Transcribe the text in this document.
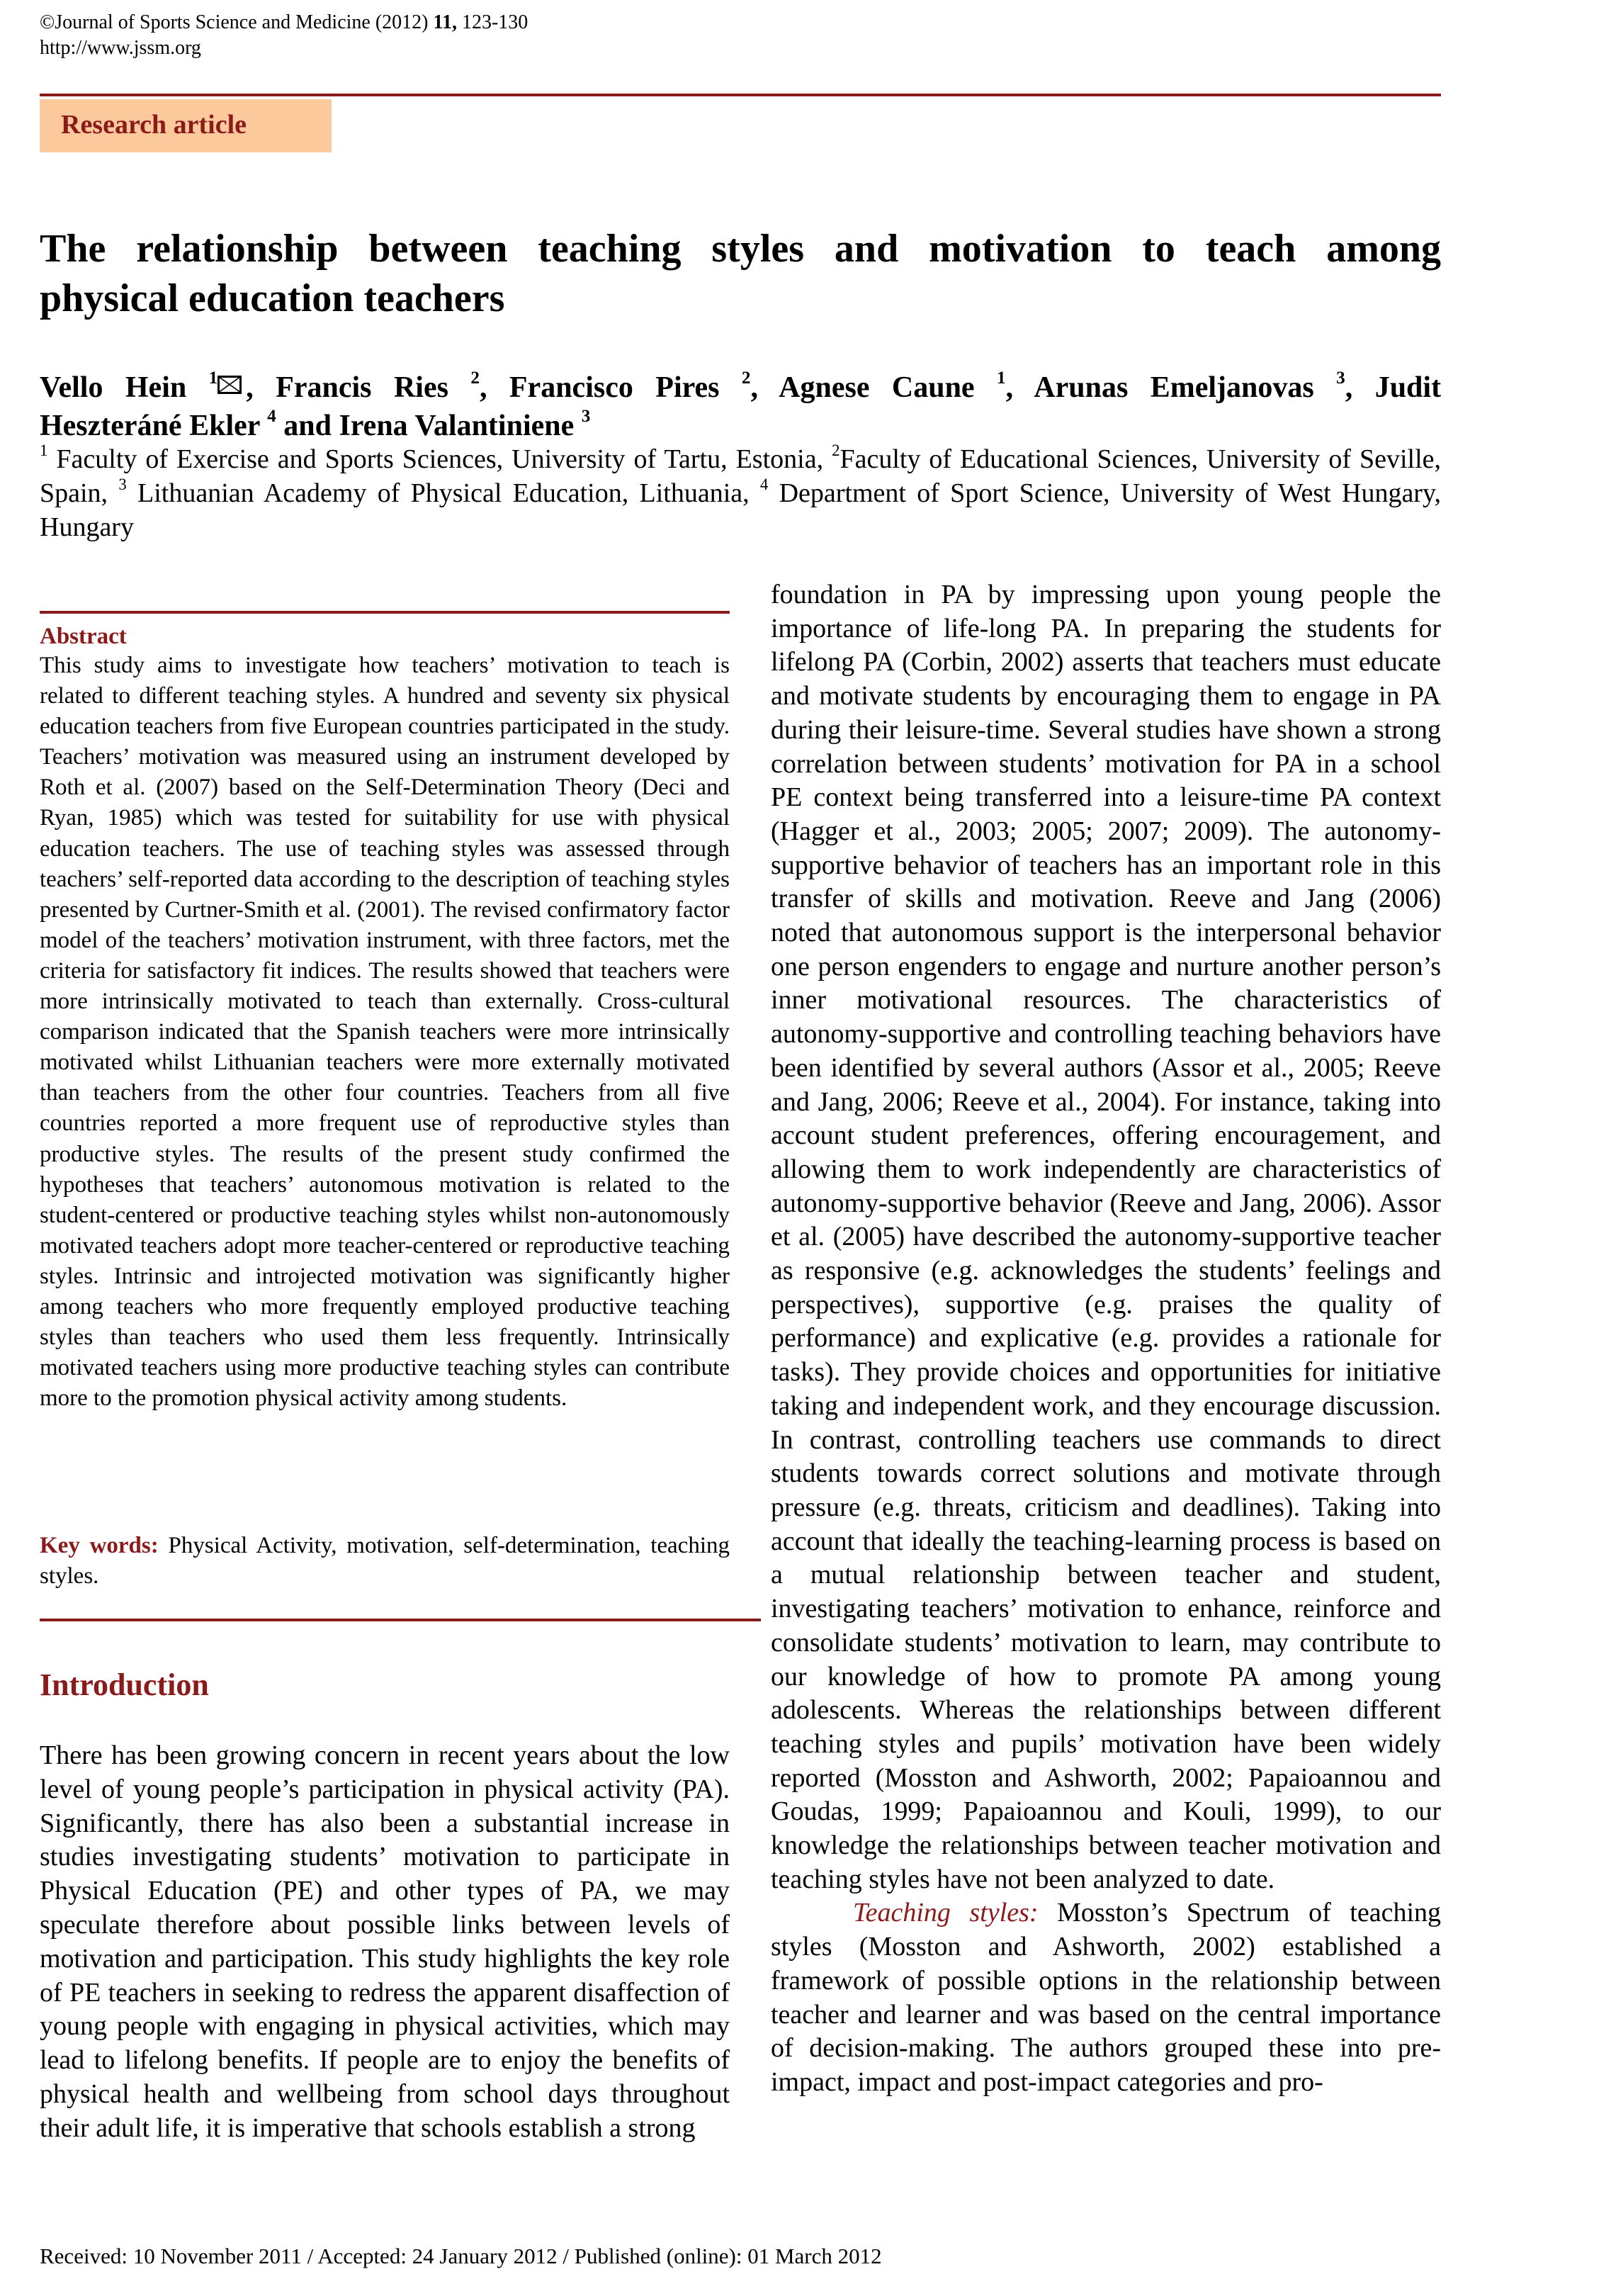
©Journal of Sports Science and Medicine (2012) 11, 123-130
http://www.jssm.org
Research article
The relationship between teaching styles and motivation to teach among
physical education teachers
Vello Hein $^1$ , Francis Ries $^2$, Francisco Pires $^2$, Agnese Caune $^1$, Arunas Emeljanovas $^3$, Judit
Heszteráné Ekler $^4$ and Irena Valantiniene $^3$
$^1$ Faculty of Exercise and Sports Sciences, University of Tartu, Estonia, $^2$Faculty of Educational Sciences, University of Seville, Spain, $^3$ Lithuanian Academy of Physical Education, Lithuania, $^4$ Department of Sport Science, University of West Hungary, Hungary
Abstract
This study aims to investigate how teachers’ motivation to teach is related to different teaching styles. A hundred and seventy six physical education teachers from five European countries participated in the study. Teachers’ motivation was measured using an instrument developed by Roth et al. (2007) based on the Self-Determination Theory (Deci and Ryan, 1985) which was tested for suitability for use with physical education teachers. The use of teaching styles was assessed through teachers’ self-reported data according to the description of teaching styles presented by Curtner-Smith et al. (2001). The revised confirmatory factor model of the teachers’ motivation instrument, with three factors, met the criteria for satisfactory fit indices. The results showed that teachers were more intrinsically motivated to teach than externally. Cross-cultural comparison indicated that the Spanish teachers were more intrinsically motivated whilst Lithuanian teachers were more externally motivated than teachers from the other four countries. Teachers from all five countries reported a more frequent use of reproductive styles than productive styles. The results of the present study confirmed the hypotheses that teachers’ autonomous motivation is related to the student-centered or productive teaching styles whilst non-autonomously motivated teachers adopt more teacher-centered or reproductive teaching styles. Intrinsic and introjected motivation was significantly higher among teachers who more frequently employed productive teaching styles than teachers who used them less frequently. Intrinsically motivated teachers using more productive teaching styles can contribute more to the promotion physical activity among students.
Key words: Physical Activity, motivation, self-determination, teaching styles.
Introduction
There has been growing concern in recent years about the low level of young people’s participation in physical activity (PA). Significantly, there has also been a substantial increase in studies investigating students’ motivation to participate in Physical Education (PE) and other types of PA, we may speculate therefore about possible links between levels of motivation and participation. This study highlights the key role of PE teachers in seeking to redress the apparent disaffection of young people with engaging in physical activities, which may lead to lifelong benefits. If people are to enjoy the benefits of physical health and wellbeing from school days throughout their adult life, it is imperative that schools establish a strong

foundation in PA by impressing upon young people the importance of life-long PA. In preparing the students for lifelong PA (Corbin, 2002) asserts that teachers must educate and motivate students by encouraging them to engage in PA during their leisure-time. Several studies have shown a strong correlation between students’ motivation for PA in a school PE context being transferred into a leisure-time PA context (Hagger et al., 2003; 2005; 2007; 2009). The autonomy-supportive behavior of teachers has an important role in this transfer of skills and motivation. Reeve and Jang (2006) noted that autonomous support is the interpersonal behavior one person engenders to engage and nurture another person’s inner motivational resources. The characteristics of autonomy-supportive and controlling teaching behaviors have been identified by several authors (Assor et al., 2005; Reeve and Jang, 2006; Reeve et al., 2004). For instance, taking into account student preferences, offering encouragement, and allowing them to work independently are characteristics of autonomy-supportive behavior (Reeve and Jang, 2006). Assor et al. (2005) have described the autonomy-supportive teacher as responsive (e.g. acknowledges the students’ feelings and perspectives), supportive (e.g. praises the quality of performance) and explicative (e.g. provides a rationale for tasks). They provide choices and opportunities for initiative taking and independent work, and they encourage discussion. In contrast, controlling teachers use commands to direct students towards correct solutions and motivate through pressure (e.g. threats, criticism and deadlines). Taking into account that ideally the teaching-learning process is based on a mutual relationship between teacher and student, investigating teachers’ motivation to enhance, reinforce and consolidate students’ motivation to learn, may contribute to our knowledge of how to promote PA among young adolescents. Whereas the relationships between different teaching styles and pupils’ motivation have been widely reported (Mosston and Ashworth, 2002; Papaioannou and Goudas, 1999; Papaioannou and Kouli, 1999), to our knowledge the relationships between teacher motivation and teaching styles have not been analyzed to date.

Teaching styles: Mosston’s Spectrum of teaching styles (Mosston and Ashworth, 2002) established a framework of possible options in the relationship between teacher and learner and was based on the central importance of decision-making. The authors grouped these into pre-impact, impact and post-impact categories and pro-

Received: 10 November 2011 / Accepted: 24 January 2012 / Published (online): 01 March 2012
